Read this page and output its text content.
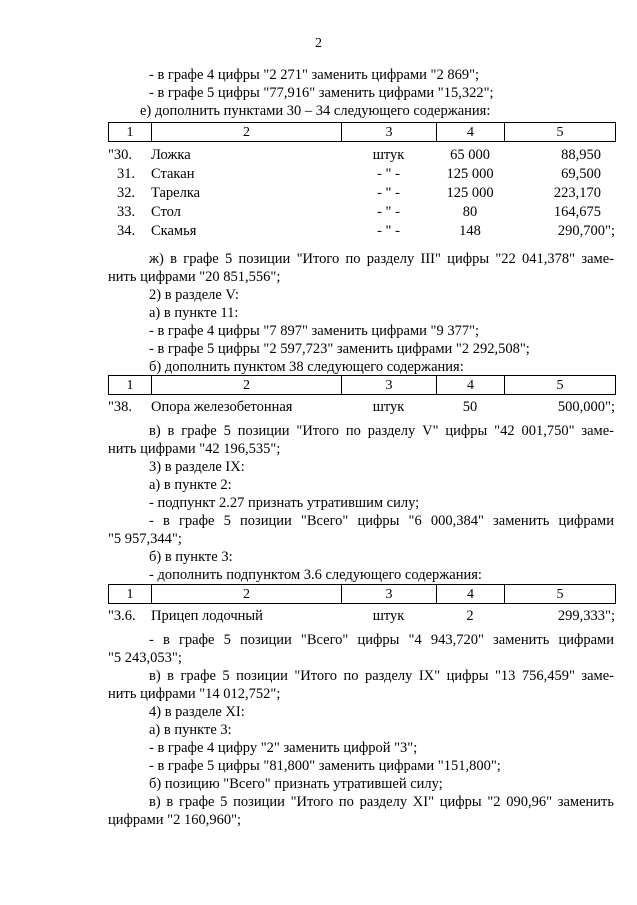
2
- в графе 4 цифры "2 271" заменить цифрами "2 869";
- в графе 5 цифры "77,916" заменить цифрами "15,322";
е) дополнить пунктами 30 – 34 следующего содержания:
1	2	3	4	5
"30.	Ложка	штук	65 000	88,950
31.	Стакан	- " -	125 000	69,500
32.	Тарелка	- " -	125 000	223,170
33.	Стол	- " -	80	164,675
34.	Скамья	- " -	148	290,700";
ж) в графе 5 позиции "Итого по разделу III" цифры "22 041,378" заме-
нить цифрами "20 851,556";
2) в разделе V:
а) в пункте 11:
- в графе 4 цифры "7 897" заменить цифрами "9 377";
- в графе 5 цифры "2 597,723" заменить цифрами "2 292,508";
б) дополнить пунктом 38 следующего содержания:
1	2	3	4	5
"38.	Опора железобетонная	штук	50	500,000";
в) в графе 5 позиции "Итого по разделу V" цифры "42 001,750" заме-
нить цифрами "42 196,535";
3) в разделе IX:
а) в пункте 2:
- подпункт 2.27 признать утратившим силу;
- в графе 5 позиции "Всего" цифры "6 000,384" заменить цифрами
"5 957,344";
б) в пункте 3:
- дополнить подпунктом 3.6 следующего содержания:
1	2	3	4	5
"3.6.	Прицеп лодочный	штук	2	299,333";
- в графе 5 позиции "Всего" цифры "4 943,720" заменить цифрами
"5 243,053";
в) в графе 5 позиции "Итого по разделу IX" цифры "13 756,459" заме-
нить цифрами "14 012,752";
4) в разделе XI:
а) в пункте 3:
- в графе 4 цифру "2" заменить цифрой "3";
- в графе 5 цифры "81,800" заменить цифрами "151,800";
б) позицию "Всего" признать утратившей силу;
в) в графе 5 позиции "Итого по разделу XI" цифры "2 090,96" заменить
цифрами "2 160,960";
